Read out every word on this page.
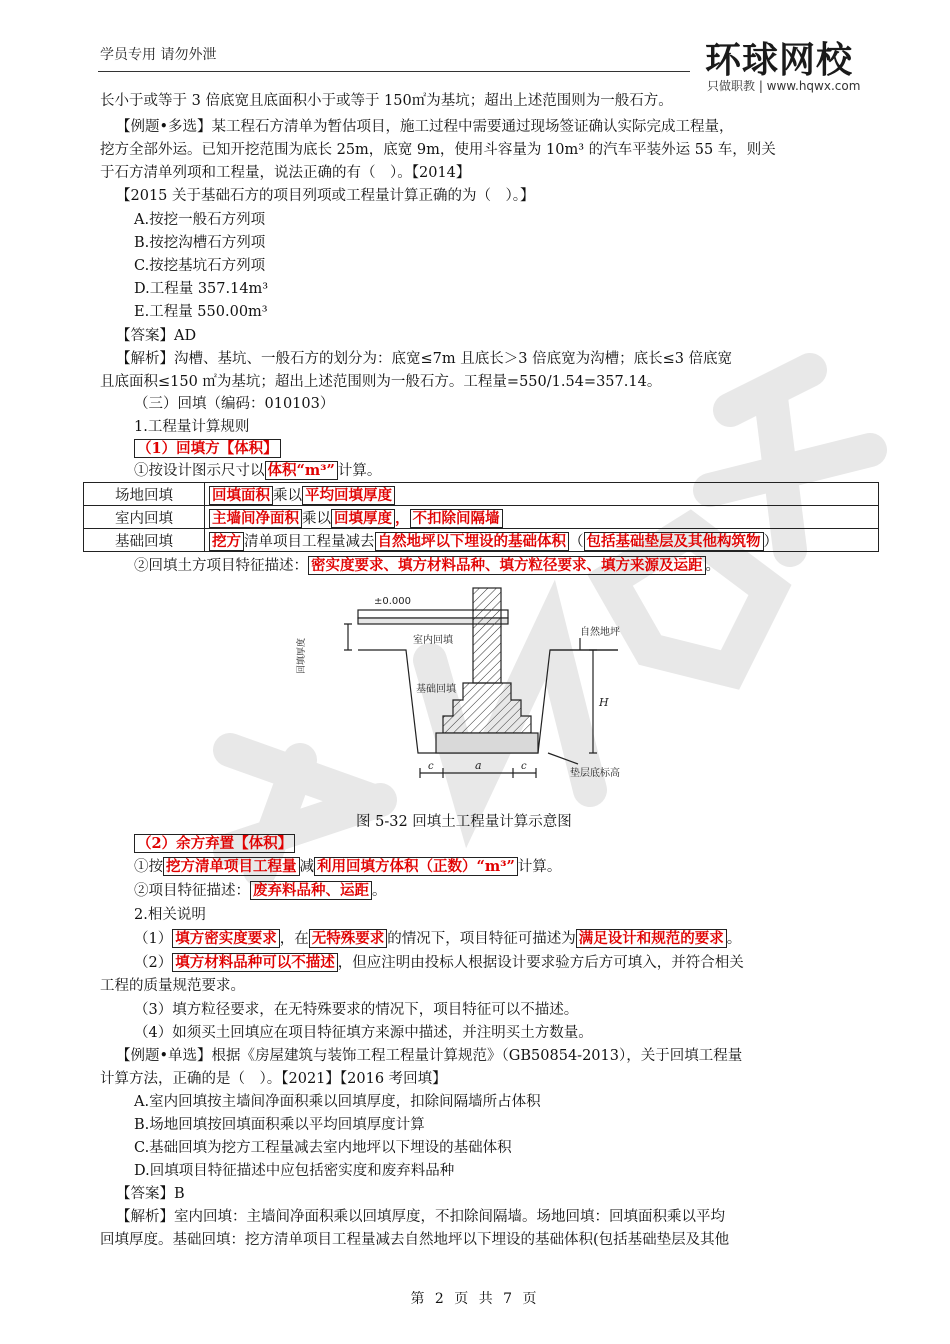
学员专用 请勿外泄	环球网校
只做职教 | www.hqwx.com
长小于或等于 3 倍底宽且底面积小于或等于 150㎡为基坑；超出上述范围则为一般石方。
【例题•多选】某工程石方清单为暂估项目，施工过程中需要通过现场签证确认实际完成工程量，
挖方全部外运。已知开挖范围为底长 25m，底宽 9m，使用斗容量为 10m³ 的汽车平装外运 55 车，则关
于石方清单列项和工程量，说法正确的有（　）。【2014】
【2015 关于基础石方的项目列项或工程量计算正确的为（　）。】
A.按挖一般石方列项
B.按挖沟槽石方列项
C.按挖基坑石方列项
D.工程量 357.14m³
E.工程量 550.00m³
【答案】AD
【解析】沟槽、基坑、一般石方的划分为：底宽≤7m 且底长＞3 倍底宽为沟槽；底长≤3 倍底宽
且底面积≤150 ㎡为基坑；超出上述范围则为一般石方。工程量=550/1.54=357.14。
（三）回填（编码：010103）
1.工程量计算规则
（1）回填方【体积】
①按设计图示尺寸以 体积“m³” 计算。
场地回填	回填面积 乘以 平均回填厚度
室内回填	主墙间净面积 乘以 回填厚度 ， 不扣除间隔墙
基础回填	挖方 清单项目工程量减去 自然地坪以下埋设的基础体积 （ 包括基础垫层及其他构筑物 ）
②回填土方项目特征描述： 密实度要求、填方材料品种、填方粒径要求、填方来源及运距 。
±0.000
室内回填
基础回填
自然地坪
垫层底标高
回填厚度
H
a
c	c
图 5-32 回填土工程量计算示意图
（2）余方弃置【体积】
①按 挖方清单项目工程量 减 利用回填方体积（正数）“m³” 计算。
②项目特征描述： 废弃料品种、运距 。
2.相关说明
（1） 填方密实度要求 ，在 无特殊要求 的情况下，项目特征可描述为 满足设计和规范的要求 。
（2） 填方材料品种可以不描述 ，但应注明由投标人根据设计要求验方后方可填入，并符合相关
工程的质量规范要求。
（3）填方粒径要求，在无特殊要求的情况下，项目特征可以不描述。
（4）如须买土回填应在项目特征填方来源中描述，并注明买土方数量。
【例题•单选】根据《房屋建筑与装饰工程工程量计算规范》（GB50854-2013），关于回填工程量
计算方法，正确的是（　）。【2021】【2016 考回填】
A.室内回填按主墙间净面积乘以回填厚度，扣除间隔墙所占体积
B.场地回填按回填面积乘以平均回填厚度计算
C.基础回填为挖方工程量减去室内地坪以下埋设的基础体积
D.回填项目特征描述中应包括密实度和废弃料品种
【答案】B
【解析】室内回填：主墙间净面积乘以回填厚度，不扣除间隔墙。场地回填：回填面积乘以平均
回填厚度。基础回填：挖方清单项目工程量减去自然地坪以下埋设的基础体积(包括基础垫层及其他
第 2 页 共 7 页
